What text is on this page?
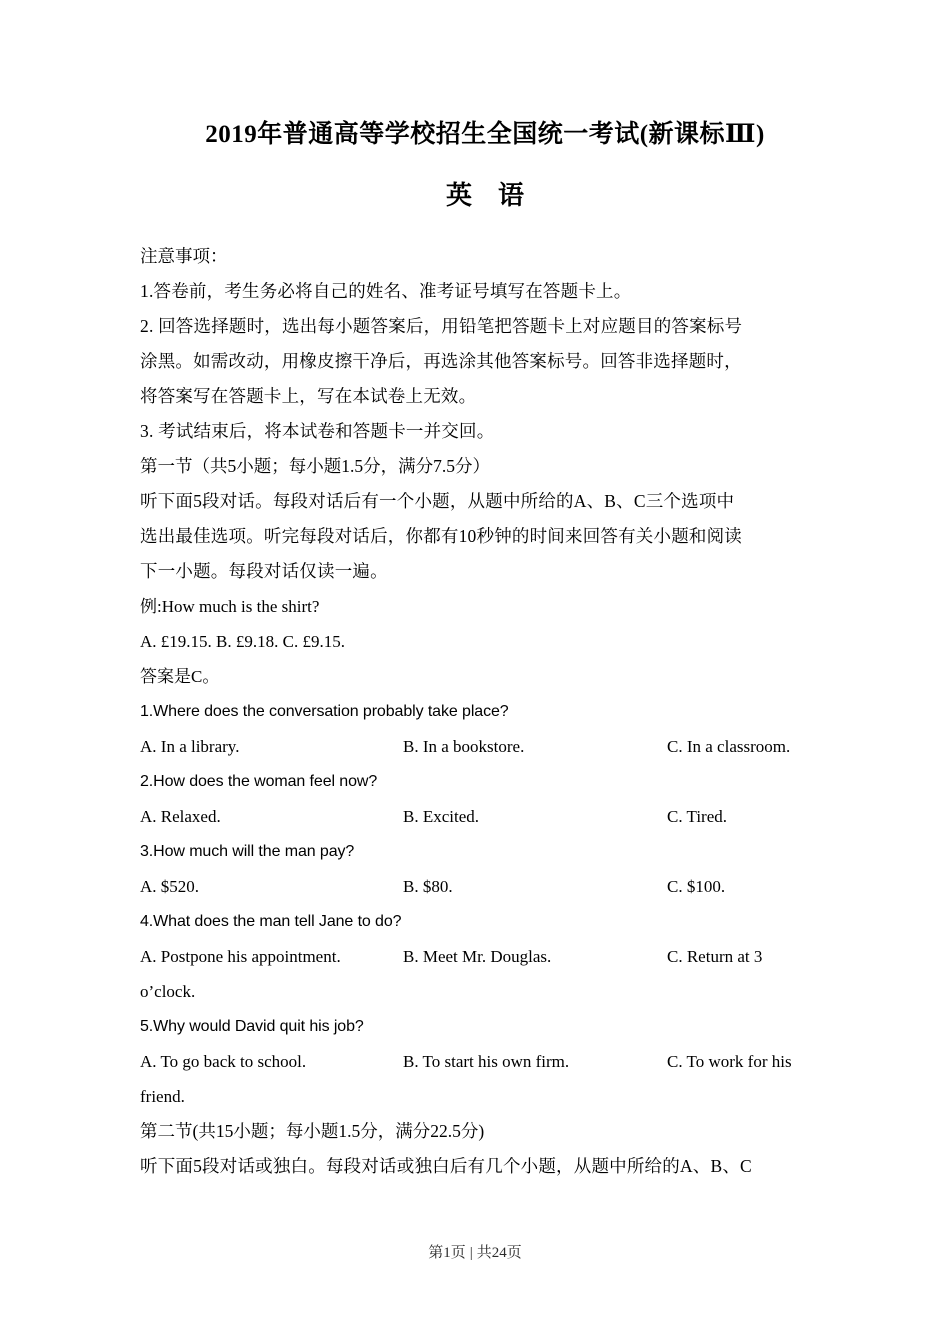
2019年普通高等学校招生全国统一考试(新课标Ⅲ)
英 语
注意事项：

1.答卷前，考生务必将自己的姓名、准考证号填写在答题卡上。

2. 回答选择题时，选出每小题答案后，用铅笔把答题卡上对应题目的答案标号

涂黑。如需改动，用橡皮擦干净后，再选涂其他答案标号。回答非选择题时，

将答案写在答题卡上，写在本试卷上无效。

3. 考试结束后，将本试卷和答题卡一并交回。

第一节（共5小题；每小题1.5分，满分7.5分）

听下面5段对话。每段对话后有一个小题，从题中所给的A、B、C三个选项中

选出最佳选项。听完每段对话后，你都有10秒钟的时间来回答有关小题和阅读

下一小题。每段对话仅读一遍。

例:How much is the shirt?

A. £19.15. B. £9.18. C. £9.15.

答案是C。

1.Where does the conversation probably take place?

A. In a library.	B. In a bookstore.	C. In a classroom.

2.How does the woman feel now?

A. Relaxed.	B. Excited.	C. Tired.

3.How much will the man pay?

A. $520.	B. $80.	C. $100.

4.What does the man tell Jane to do?

A. Postpone his appointment.	B. Meet Mr. Douglas.	C. Return at 3

o’clock.

5.Why would David quit his job?

A. To go back to school.	B. To start his own firm.	C. To work for his

friend.

第二节(共15小题；每小题1.5分，满分22.5分)

听下面5段对话或独白。每段对话或独白后有几个小题，从题中所给的A、B、C

第1页 | 共24页
